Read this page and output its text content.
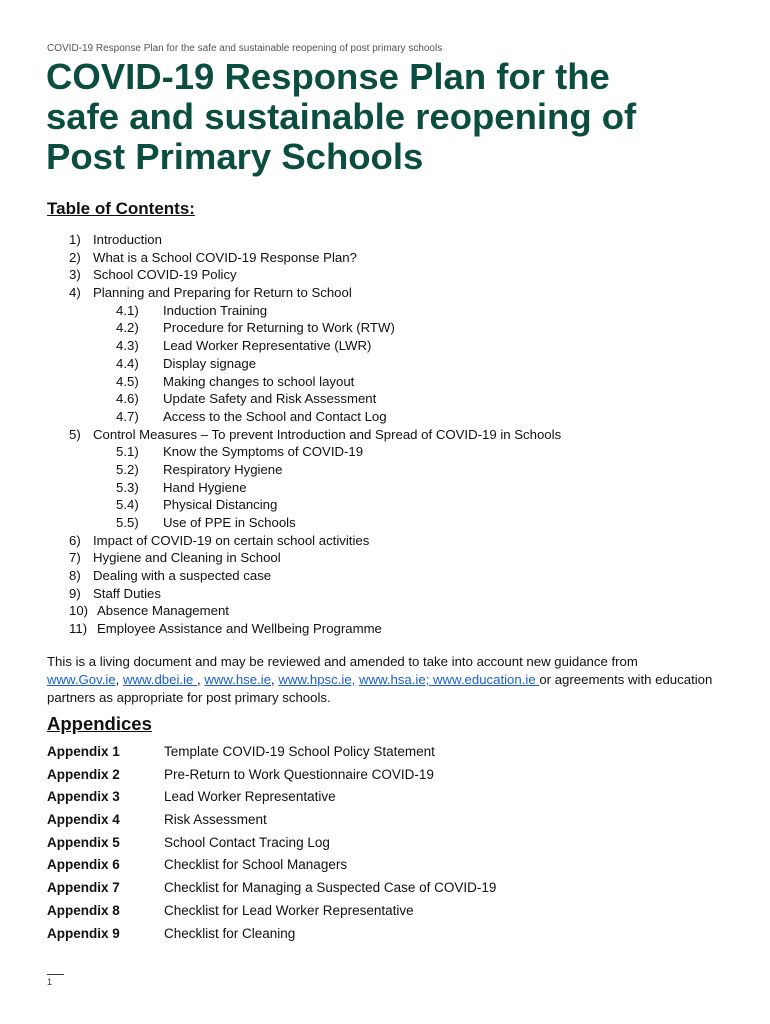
COVID-19 Response Plan for the safe and sustainable reopening of post primary schools
COVID-19 Response Plan for the
safe and sustainable reopening of
Post Primary Schools
Table of Contents:
1) Introduction
2) What is a School COVID-19 Response Plan?
3) School COVID-19 Policy
4) Planning and Preparing for Return to School
4.1) Induction Training
4.2) Procedure for Returning to Work (RTW)
4.3) Lead Worker Representative (LWR)
4.4) Display signage
4.5) Making changes to school layout
4.6) Update Safety and Risk Assessment
4.7) Access to the School and Contact Log
5) Control Measures – To prevent Introduction and Spread of COVID-19 in Schools
5.1) Know the Symptoms of COVID-19
5.2) Respiratory Hygiene
5.3) Hand Hygiene
5.4) Physical Distancing
5.5) Use of PPE in Schools
6) Impact of COVID-19 on certain school activities
7) Hygiene and Cleaning in School
8) Dealing with a suspected case
9) Staff Duties
10) Absence Management
11) Employee Assistance and Wellbeing Programme
This is a living document and may be reviewed and amended to take into account new guidance from
www.Gov.ie, www.dbei.ie , www.hse.ie, www.hpsc.ie, www.hsa.ie; www.education.ie or agreements with education partners as appropriate for post primary schools.
Appendices
Appendix 1	Template COVID-19 School Policy Statement
Appendix 2	Pre-Return to Work Questionnaire COVID-19
Appendix 3	Lead Worker Representative
Appendix 4	Risk Assessment
Appendix 5	School Contact Tracing Log
Appendix 6	Checklist for School Managers
Appendix 7	Checklist for Managing a Suspected Case of COVID-19
Appendix 8	Checklist for Lead Worker Representative
Appendix 9	Checklist for Cleaning
1
